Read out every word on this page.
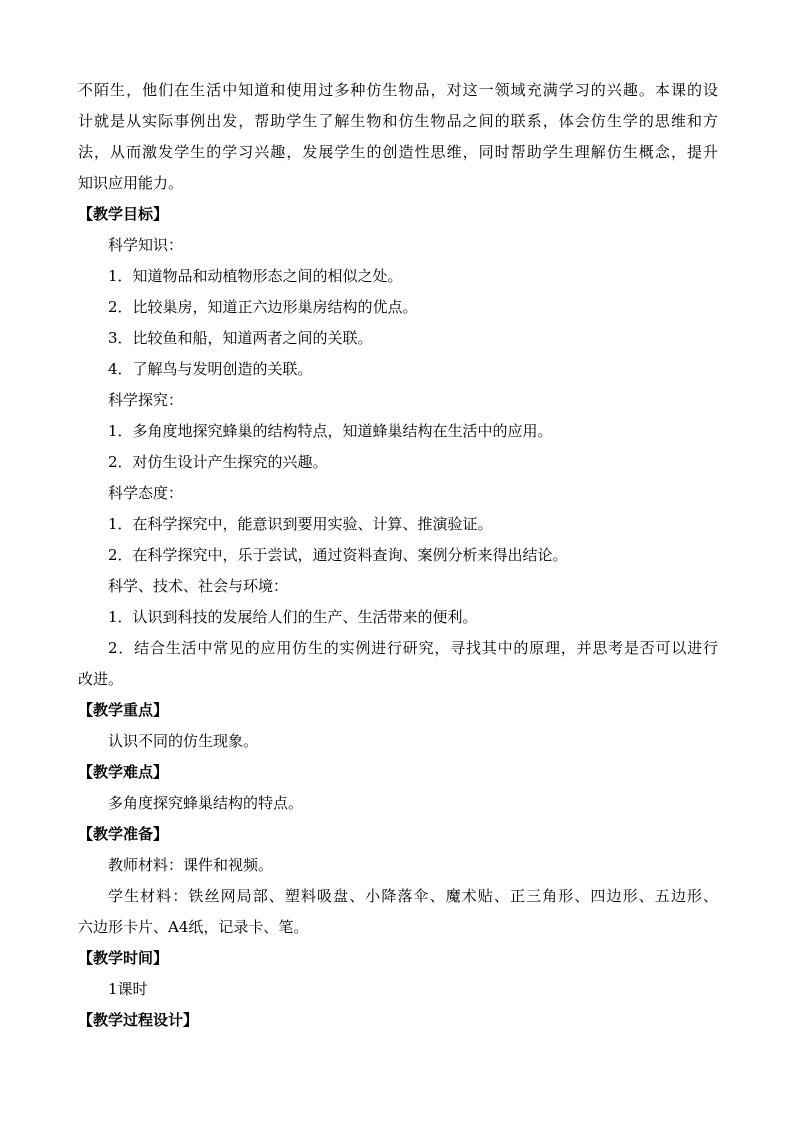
不陌生，他们在生活中知道和使用过多种仿生物品，对这一领域充满学习的兴趣。本课的设
计就是从实际事例出发，帮助学生了解生物和仿生物品之间的联系，体会仿生学的思维和方
法，从而激发学生的学习兴趣，发展学生的创造性思维，同时帮助学生理解仿生概念，提升
知识应用能力。
【教学目标】
科学知识：
1．知道物品和动植物形态之间的相似之处。
2．比较巢房，知道正六边形巢房结构的优点。
3．比较鱼和船，知道两者之间的关联。
4．了解鸟与发明创造的关联。
科学探究：
1．多角度地探究蜂巢的结构特点，知道蜂巢结构在生活中的应用。
2．对仿生设计产生探究的兴趣。
科学态度：
1．在科学探究中，能意识到要用实验、计算、推演验证。
2．在科学探究中，乐于尝试，通过资料查询、案例分析来得出结论。
科学、技术、社会与环境：
1．认识到科技的发展给人们的生产、生活带来的便利。
2．结合生活中常见的应用仿生的实例进行研究，寻找其中的原理，并思考是否可以进行
改进。
【教学重点】
认识不同的仿生现象。
【教学难点】
多角度探究蜂巢结构的特点。
【教学准备】
教师材料：课件和视频。
学生材料：铁丝网局部、塑料吸盘、小降落伞、魔术贴、正三角形、四边形、五边形、
六边形卡片、A4纸，记录卡、笔。
【教学时间】
1课时
【教学过程设计】
